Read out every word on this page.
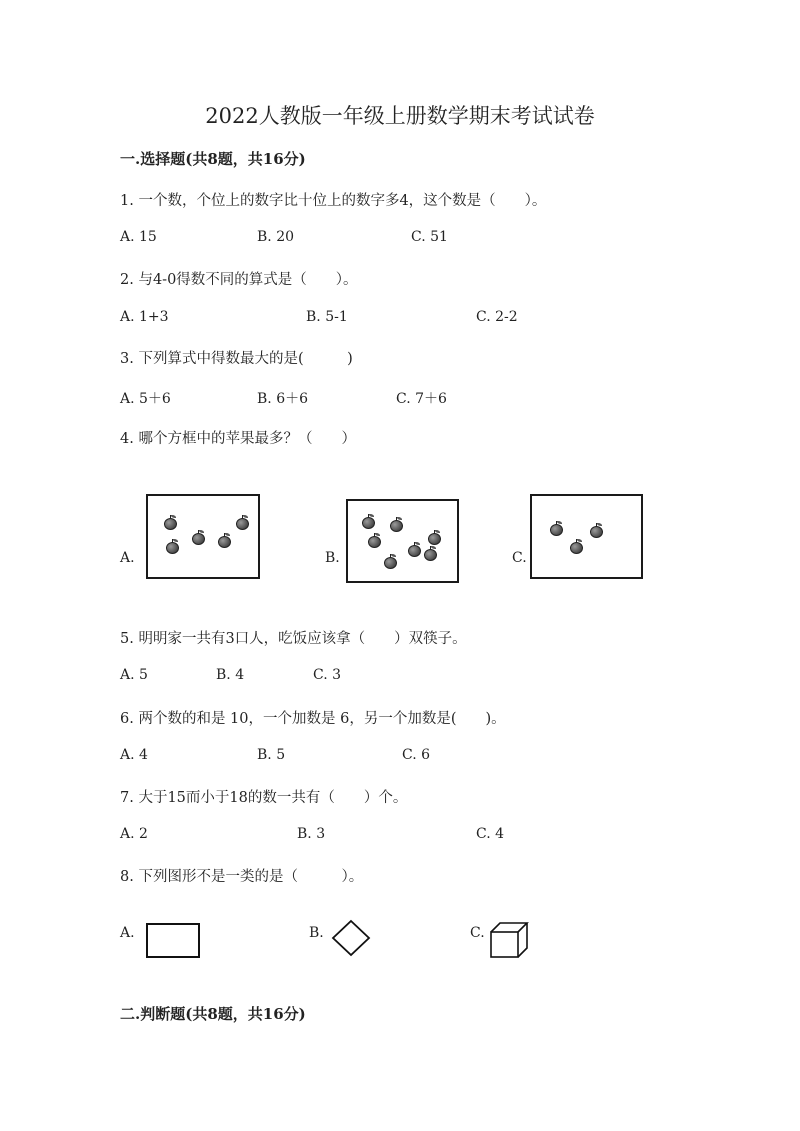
2022人教版一年级上册数学期末考试试卷
一.选择题(共8题，共16分)
1. 一个数，个位上的数字比十位上的数字多4，这个数是（　　）。
A. 15	B. 20	C. 51
2. 与4-0得数不同的算式是（　　）。
A. 1+3	B. 5-1	C. 2-2
3. 下列算式中得数最大的是(　　　)
A. 5＋6	B. 6＋6	C. 7＋6
4. 哪个方框中的苹果最多？（　　）
A.	B.	C.
5. 明明家一共有3口人，吃饭应该拿（　　）双筷子。
A. 5	B. 4	C. 3
6. 两个数的和是 10，一个加数是 6，另一个加数是(　　)。
A. 4	B. 5	C. 6
7. 大于15而小于18的数一共有（　　）个。
A. 2	B. 3	C. 4
8. 下列图形不是一类的是（　　　）。
A.	B.	C.
二.判断题(共8题，共16分)
